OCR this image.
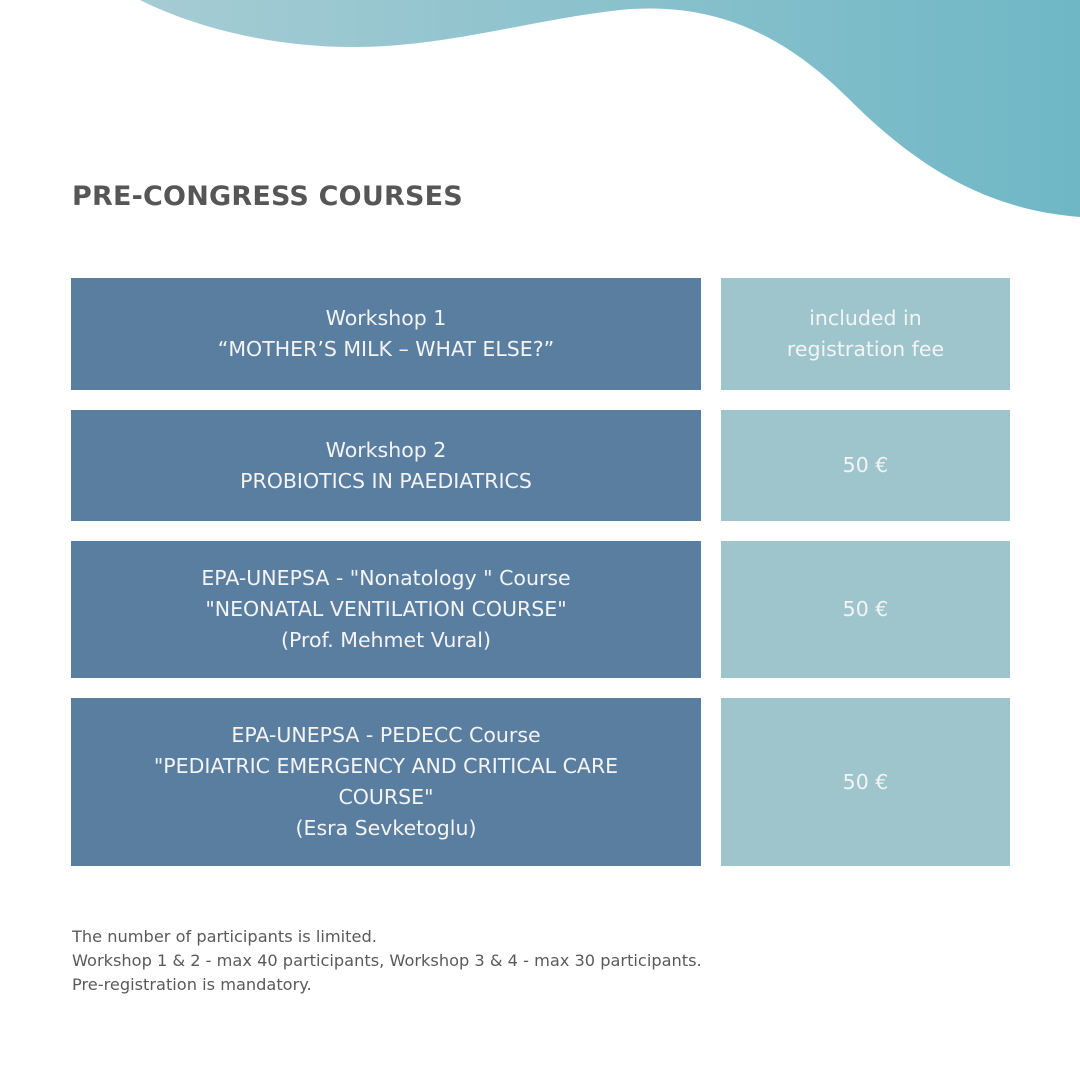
PRE-CONGRESS COURSES
Workshop 1
“MOTHER’S MILK – WHAT ELSE?”
included in
registration fee
Workshop 2
PROBIOTICS IN PAEDIATRICS
50 €
EPA-UNEPSA - "Nonatology " Course
"NEONATAL VENTILATION COURSE"
(Prof. Mehmet Vural)
50 €
EPA-UNEPSA - PEDECC Course
"PEDIATRIC EMERGENCY AND CRITICAL CARE COURSE"
(Esra Sevketoglu)
50 €
The number of participants is limited.
Workshop 1 & 2 - max 40 participants, Workshop 3 & 4 - max 30 participants.
Pre-registration is mandatory.
